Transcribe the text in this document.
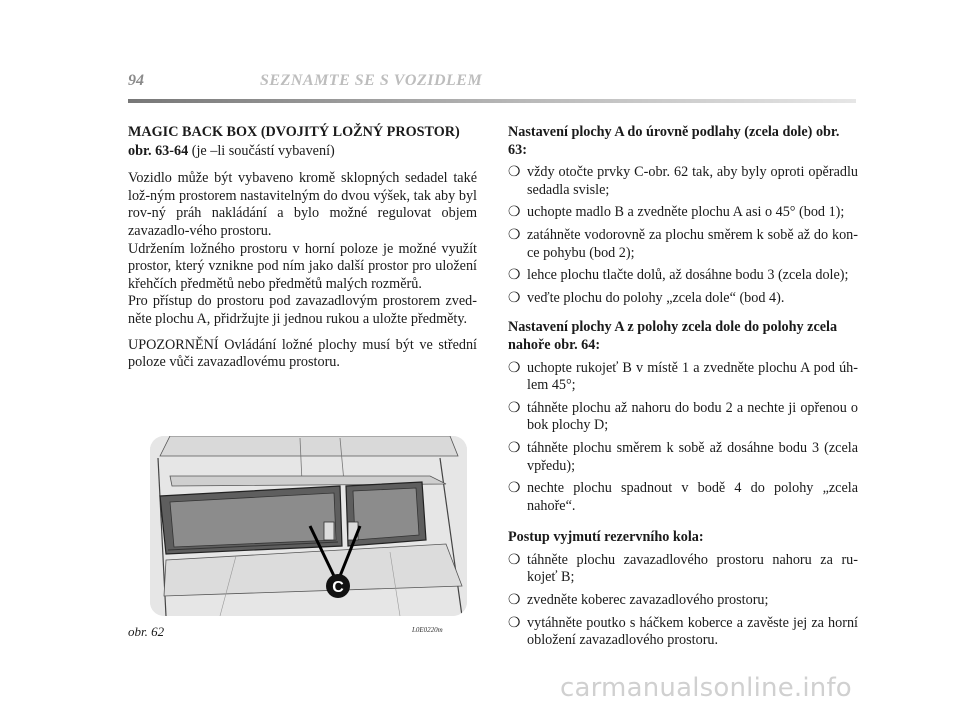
94	SEZNAMTE SE S VOZIDLEM
MAGIC BACK BOX (DVOJITÝ LOŽNÝ PROSTOR)
obr. 63-64 (je –li součástí vybavení)

Vozidlo může být vybaveno kromě sklopných sedadel také lož-ným prostorem nastavitelným do dvou výšek, tak aby byl rov-ný práh nakládání a bylo možné regulovat objem zavazadlo-vého prostoru.

Udržením ložného prostoru v horní poloze je možné využít prostor, který vznikne pod ním jako další prostor pro uložení křehčích předmětů nebo předmětů malých rozměrů.

Pro přístup do prostoru pod zavazadlovým prostorem zved-něte plochu A, přidržujte ji jednou rukou a uložte předměty.

UPOZORNĚNÍ Ovládání ložné plochy musí být ve střední poloze vůči zavazadlovému prostoru.

C
obr. 62	L0E0220m
Nastavení plochy A do úrovně podlahy (zcela dole) obr. 63:
❍ vždy otočte prvky C-obr. 62 tak, aby byly oproti opěradlu sedadla svisle;
❍ uchopte madlo B a zvedněte plochu A asi o 45° (bod 1);
❍ zatáhněte vodorovně za plochu směrem k sobě až do kon-ce pohybu (bod 2);
❍ lehce plochu tlačte dolů, až dosáhne bodu 3 (zcela dole);
❍ veďte plochu do polohy „zcela dole“ (bod 4).
Nastavení plochy A z polohy zcela dole do polohy zcela nahoře obr. 64:
❍ uchopte rukojeť B v místě 1 a zvedněte plochu A pod úh-lem 45°;
❍ táhněte plochu až nahoru do bodu 2 a nechte ji opřenou o bok plochy D;
❍ táhněte plochu směrem k sobě až dosáhne bodu 3 (zcela vpředu);
❍ nechte plochu spadnout v bodě 4 do polohy „zcela nahoře“.
Postup vyjmutí rezervního kola:
❍ táhněte plochu zavazadlového prostoru nahoru za ru-kojeť B;
❍ zvedněte koberec zavazadlového prostoru;
❍ vytáhněte poutko s háčkem koberce a zavěste jej za horní obložení zavazadlového prostoru.
carmanualsonline.info
